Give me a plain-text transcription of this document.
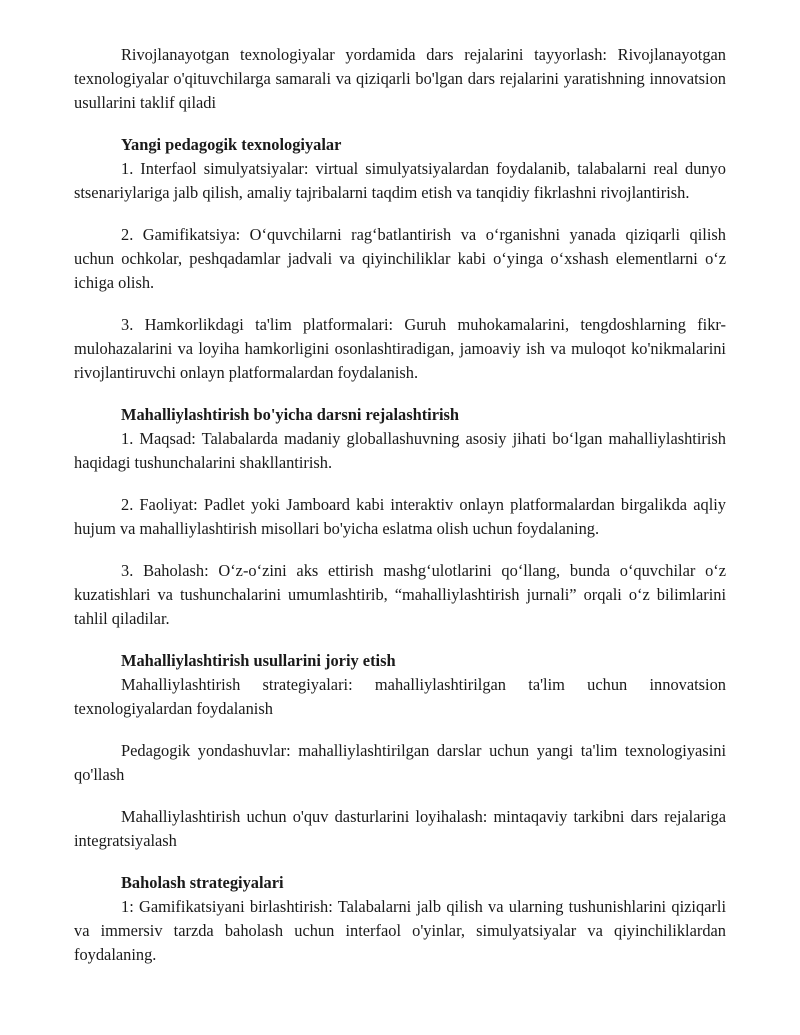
Rivojlanayotgan texnologiyalar yordamida dars rejalarini tayyorlash: Rivojlanayotgan texnologiyalar o'qituvchilarga samarali va qiziqarli bo'lgan dars rejalarini yaratishning innovatsion usullarini taklif qiladi

Yangi pedagogik texnologiyalar

1. Interfaol simulyatsiyalar: virtual simulyatsiyalardan foydalanib, talabalarni real dunyo stsenariylariga jalb qilish, amaliy tajribalarni taqdim etish va tanqidiy fikrlashni rivojlantirish.

2. Gamifikatsiya: O‘quvchilarni rag‘batlantirish va o‘rganishni yanada qiziqarli qilish uchun ochkolar, peshqadamlar jadvali va qiyinchiliklar kabi o‘yinga o‘xshash elementlarni o‘z ichiga olish.

3. Hamkorlikdagi ta'lim platformalari: Guruh muhokamalarini, tengdoshlarning fikr-mulohazalarini va loyiha hamkorligini osonlashtiradigan, jamoaviy ish va muloqot ko'nikmalarini rivojlantiruvchi onlayn platformalardan foydalanish.

Mahalliylashtirish bo'yicha darsni rejalashtirish

1. Maqsad: Talabalarda madaniy globallashuvning asosiy jihati bo‘lgan mahalliylashtirish haqidagi tushunchalarini shakllantirish.

2. Faoliyat: Padlet yoki Jamboard kabi interaktiv onlayn platformalardan birgalikda aqliy hujum va mahalliylashtirish misollari bo'yicha eslatma olish uchun foydalaning.

3. Baholash: O‘z-o‘zini aks ettirish mashg‘ulotlarini qo‘llang, bunda o‘quvchilar o‘z kuzatishlari va tushunchalarini umumlashtirib, “mahalliylashtirish jurnali” orqali o‘z bilimlarini tahlil qiladilar.

Mahalliylashtirish usullarini joriy etish

Mahalliylashtirish strategiyalari: mahalliylashtirilgan ta'lim uchun innovatsion texnologiyalardan foydalanish

Pedagogik yondashuvlar: mahalliylashtirilgan darslar uchun yangi ta'lim texnologiyasini qo'llash

Mahalliylashtirish uchun o'quv dasturlarini loyihalash: mintaqaviy tarkibni dars rejalariga integratsiyalash

Baholash strategiyalari

1: Gamifikatsiyani birlashtirish: Talabalarni jalb qilish va ularning tushunishlarini qiziqarli va immersiv tarzda baholash uchun interfaol o'yinlar, simulyatsiyalar va qiyinchiliklardan foydalaning.
